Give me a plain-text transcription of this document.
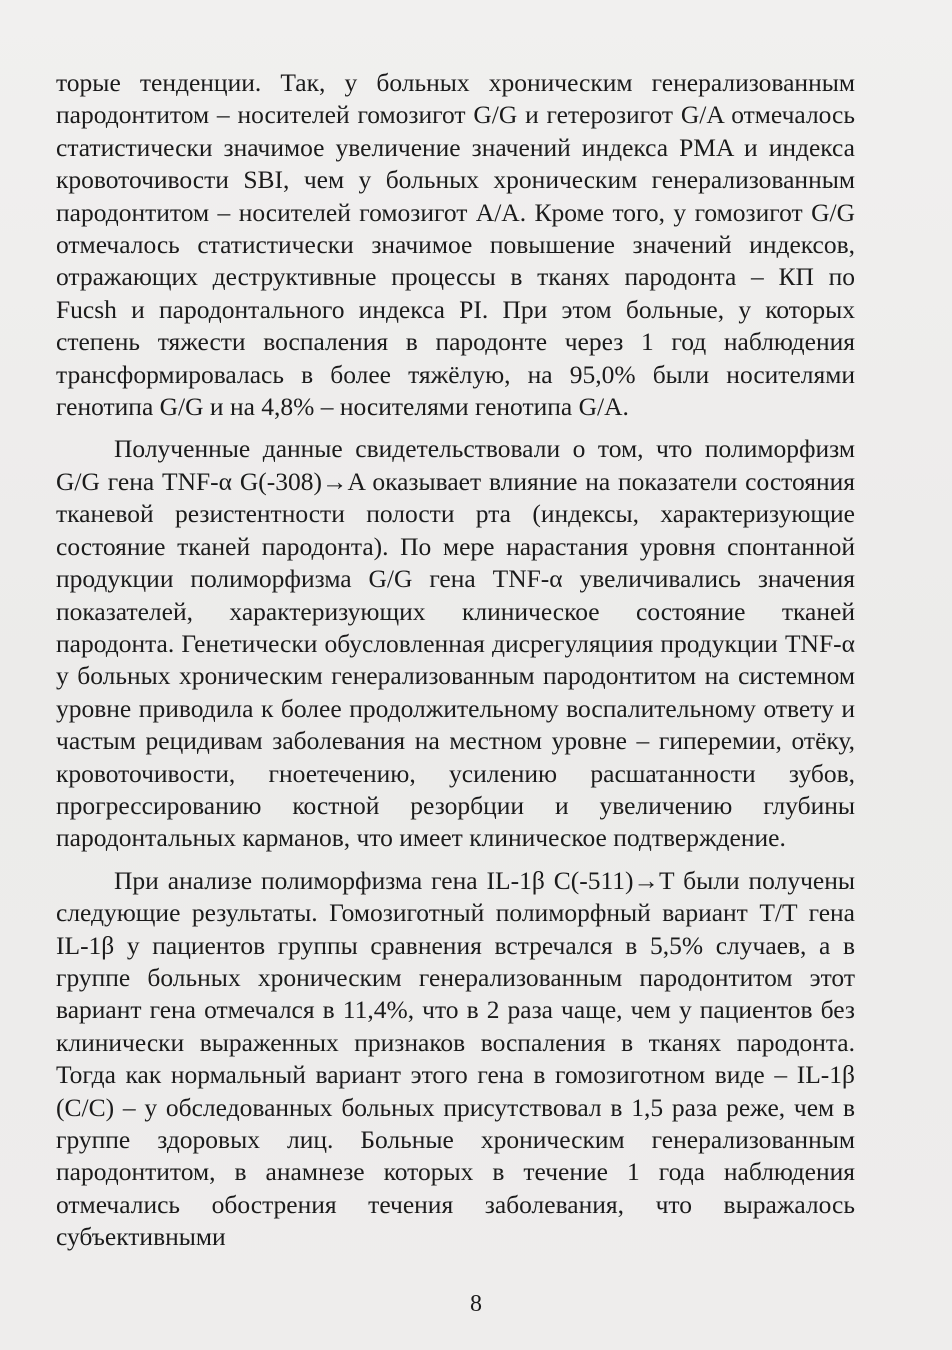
торые тенденции. Так, у больных хроническим генерализованным пародонтитом – носителей гомозигот G/G и гетерозигот G/A отмечалось статистически значимое увеличение значений индекса PMA и индекса кровоточивости SBI, чем у больных хроническим генерализованным пародонтитом – носителей гомозигот A/A. Кроме того, у гомозигот G/G отмечалось статистически значимое повышение значений индексов, отражающих деструктивные процессы в тканях пародонта – КП по Fucsh и пародонтального индекса PI. При этом больные, у которых степень тяжести воспаления в пародонте через 1 год наблюдения трансформировалась в более тяжёлую, на 95,0% были носителями генотипа G/G и на 4,8% – носителями генотипа G/A.

Полученные данные свидетельствовали о том, что полиморфизм G/G гена TNF-α G(-308)→A оказывает влияние на показатели состояния тканевой резистентности полости рта (индексы, характеризующие состояние тканей пародонта). По мере нарастания уровня спонтанной продукции полиморфизма G/G гена TNF-α увеличивались значения показателей, характеризующих клиническое состояние тканей пародонта. Генетически обусловленная дисрегуляциия продукции TNF-α у больных хроническим генерализованным пародонтитом на системном уровне приводила к более продолжительному воспалительному ответу и частым рецидивам заболевания на местном уровне – гиперемии, отёку, кровоточивости, гноетечению, усилению расшатанности зубов, прогрессированию костной резорбции и увеличению глубины пародонтальных карманов, что имеет клиническое подтверждение.

При анализе полиморфизма гена IL-1β C(-511)→T были получены следующие результаты. Гомозиготный полиморфный вариант T/T гена IL-1β у пациентов группы сравнения встречался в 5,5% случаев, а в группе больных хроническим генерализованным пародонтитом этот вариант гена отмечался в 11,4%, что в 2 раза чаще, чем у пациентов без клинически выраженных признаков воспаления в тканях пародонта. Тогда как нормальный вариант этого гена в гомозиготном виде – IL-1β (C/C) – у обследованных больных присутствовал в 1,5 раза реже, чем в группе здоровых лиц. Больные хроническим генерализованным пародонтитом, в анамнезе которых в течение 1 года наблюдения отмечались обострения течения заболевания, что выражалось субъективными

8
